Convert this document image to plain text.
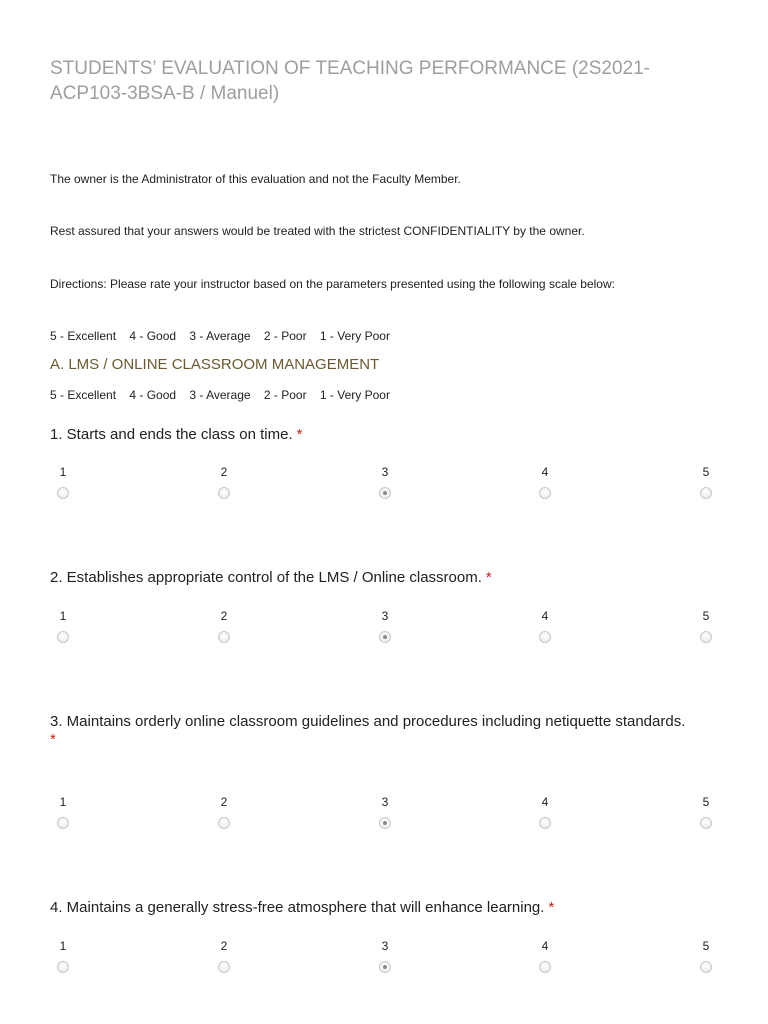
STUDENTS’ EVALUATION OF TEACHING PERFORMANCE (2S2021-ACP103-3BSA-B / Manuel)

The owner is the Administrator of this evaluation and not the Faculty Member.

Rest assured that your answers would be treated with the strictest CONFIDENTIALITY by the owner.

Directions: Please rate your instructor based on the parameters presented using the following scale below:

5 - Excellent    4 - Good    3 - Average    2 - Poor    1 - Very Poor

A. LMS / ONLINE CLASSROOM MANAGEMENT

5 - Excellent    4 - Good    3 - Average    2 - Poor    1 - Very Poor

1. Starts and ends the class on time. *

1	2	3	4	5

2. Establishes appropriate control of the LMS / Online classroom. *

1	2	3	4	5

3. Maintains orderly online classroom guidelines and procedures including netiquette standards.

*
1	2	3	4	5

4. Maintains a generally stress-free atmosphere that will enhance learning. *

1	2	3	4	5
